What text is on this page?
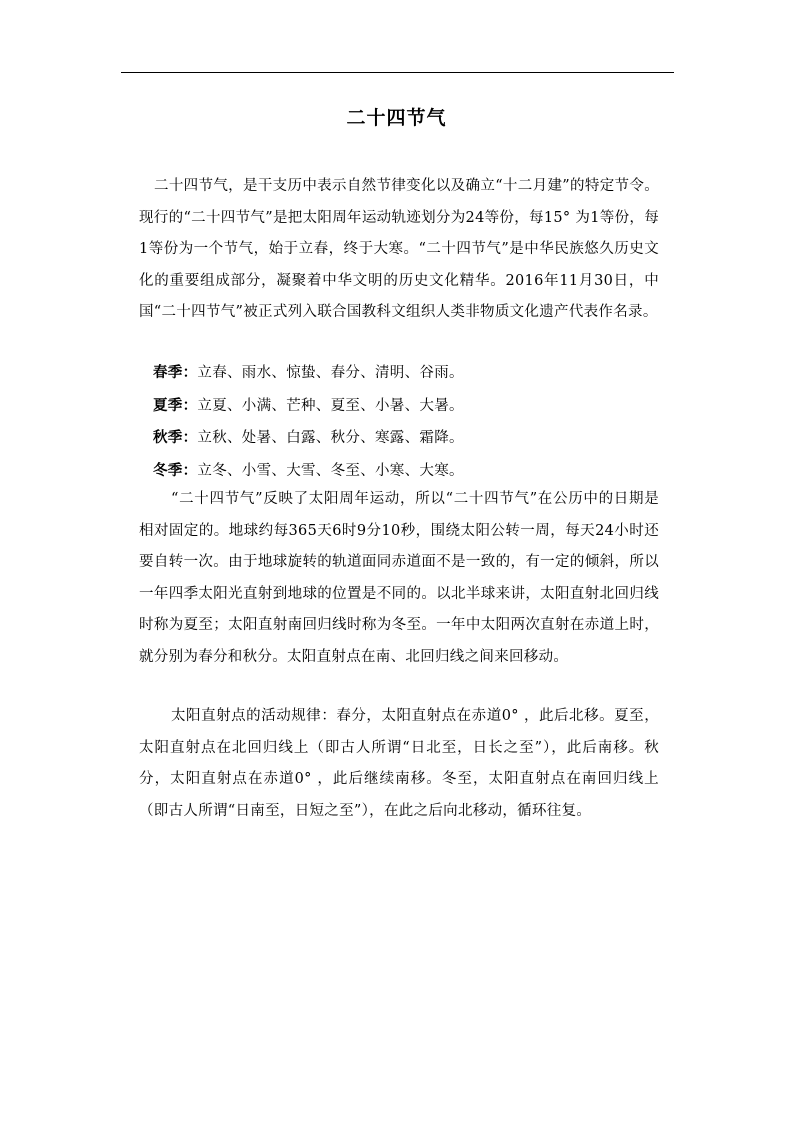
二十四节气
二十四节气，是干支历中表示自然节律变化以及确立“十二月建”的特定节令。现行的“二十四节气”是把太阳周年运动轨迹划分为24等份，每15° 为1等份，每1等份为一个节气，始于立春，终于大寒。“二十四节气”是中华民族悠久历史文化的重要组成部分，凝聚着中华文明的历史文化精华。2016年11月30日，中国“二十四节气”被正式列入联合国教科文组织人类非物质文化遗产代表作名录。
春季：立春、雨水、惊蛰、春分、清明、谷雨。
夏季：立夏、小满、芒种、夏至、小暑、大暑。
秋季：立秋、处暑、白露、秋分、寒露、霜降。
冬季：立冬、小雪、大雪、冬至、小寒、大寒。
“二十四节气”反映了太阳周年运动，所以“二十四节气”在公历中的日期是相对固定的。地球约每365天6时9分10秒，围绕太阳公转一周，每天24小时还要自转一次。由于地球旋转的轨道面同赤道面不是一致的，有一定的倾斜，所以一年四季太阳光直射到地球的位置是不同的。以北半球来讲，太阳直射北回归线时称为夏至；太阳直射南回归线时称为冬至。一年中太阳两次直射在赤道上时，就分别为春分和秋分。太阳直射点在南、北回归线之间来回移动。
太阳直射点的活动规律：春分，太阳直射点在赤道0° ，此后北移。夏至，太阳直射点在北回归线上（即古人所谓“日北至，日长之至”），此后南移。秋分，太阳直射点在赤道0° ，此后继续南移。冬至，太阳直射点在南回归线上（即古人所谓“日南至，日短之至”），在此之后向北移动，循环往复。
